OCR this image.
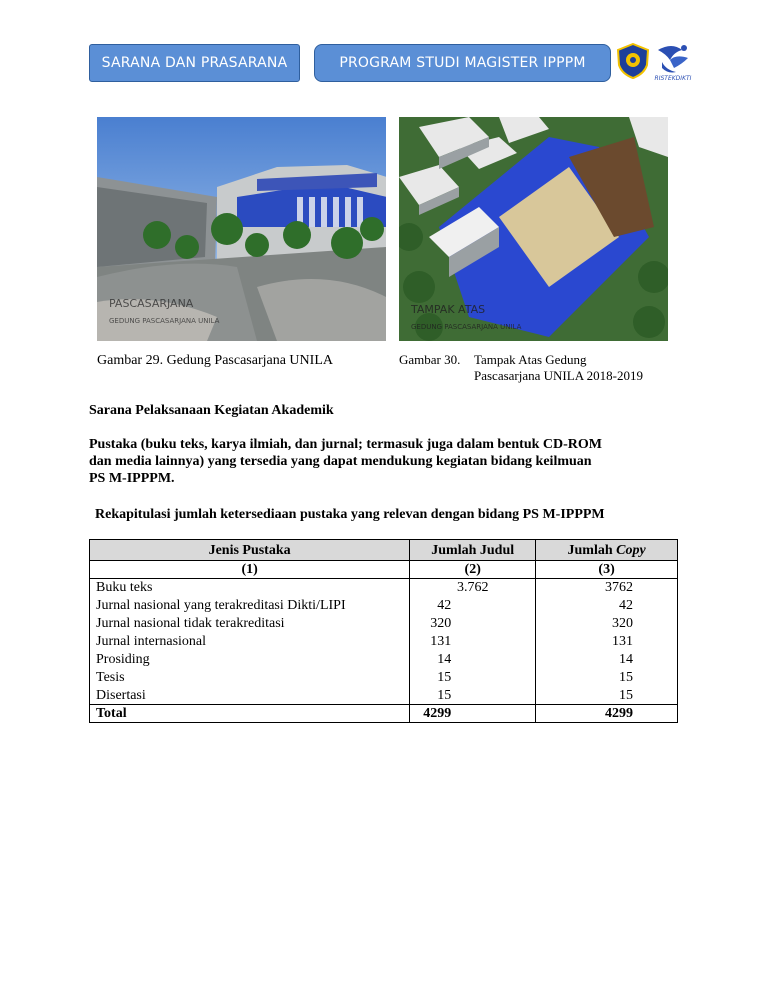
SARANA DAN PRASARANA	PROGRAM STUDI MAGISTER IPPPM
RISTEKDIKTI
PASCASARJANA
GEDUNG PASCASARJANA UNILA
TAMPAK ATAS
GEDUNG PASCASARJANA UNILA
Gambar 29. Gedung Pascasarjana UNILA	Gambar 30. Tampak Atas Gedung
Pascasarjana UNILA 2018-2019
Sarana Pelaksanaan Kegiatan Akademik
Pustaka (buku teks, karya ilmiah, dan jurnal; termasuk juga dalam bentuk CD-ROM
dan media lainnya) yang tersedia yang dapat mendukung kegiatan bidang keilmuan
PS M-IPPPM.
Rekapitulasi jumlah ketersediaan pustaka yang relevan dengan bidang PS M-IPPPM
Jenis Pustaka	Jumlah Judul	Jumlah Copy
(1)	(2)	(3)
Buku teks	3.762	3762
Jurnal nasional yang terakreditasi Dikti/LIPI	42	42
Jurnal nasional tidak terakreditasi	320	320
Jurnal internasional	131	131
Prosiding	14	14
Tesis	15	15
Disertasi	15	15
Total	4299	4299
